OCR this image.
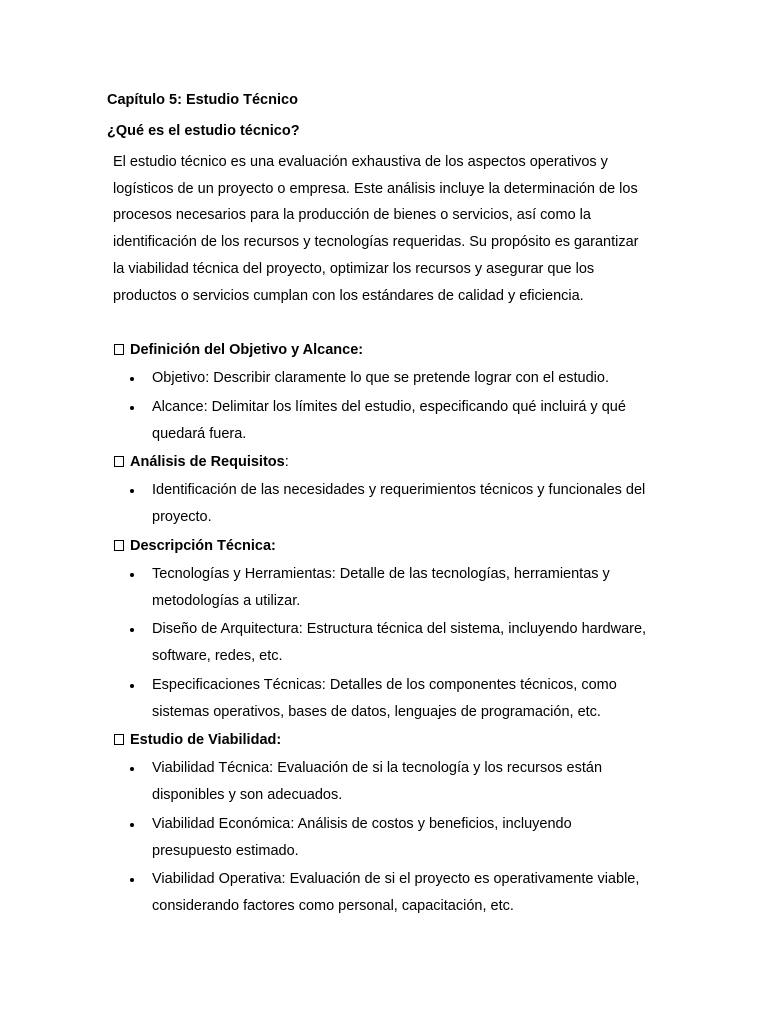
Capítulo 5: Estudio Técnico
¿Qué es el estudio técnico?

El estudio técnico es una evaluación exhaustiva de los aspectos operativos y logísticos de un proyecto o empresa. Este análisis incluye la determinación de los procesos necesarios para la producción de bienes o servicios, así como la identificación de los recursos y tecnologías requeridas. Su propósito es garantizar la viabilidad técnica del proyecto, optimizar los recursos y asegurar que los productos o servicios cumplan con los estándares de calidad y eficiencia.

Definición del Objetivo y Alcance:
Objetivo: Describir claramente lo que se pretende lograr con el estudio.
Alcance: Delimitar los límites del estudio, especificando qué incluirá y qué quedará fuera.
Análisis de Requisitos:
Identificación de las necesidades y requerimientos técnicos y funcionales del proyecto.
Descripción Técnica:
Tecnologías y Herramientas: Detalle de las tecnologías, herramientas y metodologías a utilizar.
Diseño de Arquitectura: Estructura técnica del sistema, incluyendo hardware, software, redes, etc.
Especificaciones Técnicas: Detalles de los componentes técnicos, como sistemas operativos, bases de datos, lenguajes de programación, etc.
Estudio de Viabilidad:
Viabilidad Técnica: Evaluación de si la tecnología y los recursos están disponibles y son adecuados.
Viabilidad Económica: Análisis de costos y beneficios, incluyendo presupuesto estimado.
Viabilidad Operativa: Evaluación de si el proyecto es operativamente viable, considerando factores como personal, capacitación, etc.
